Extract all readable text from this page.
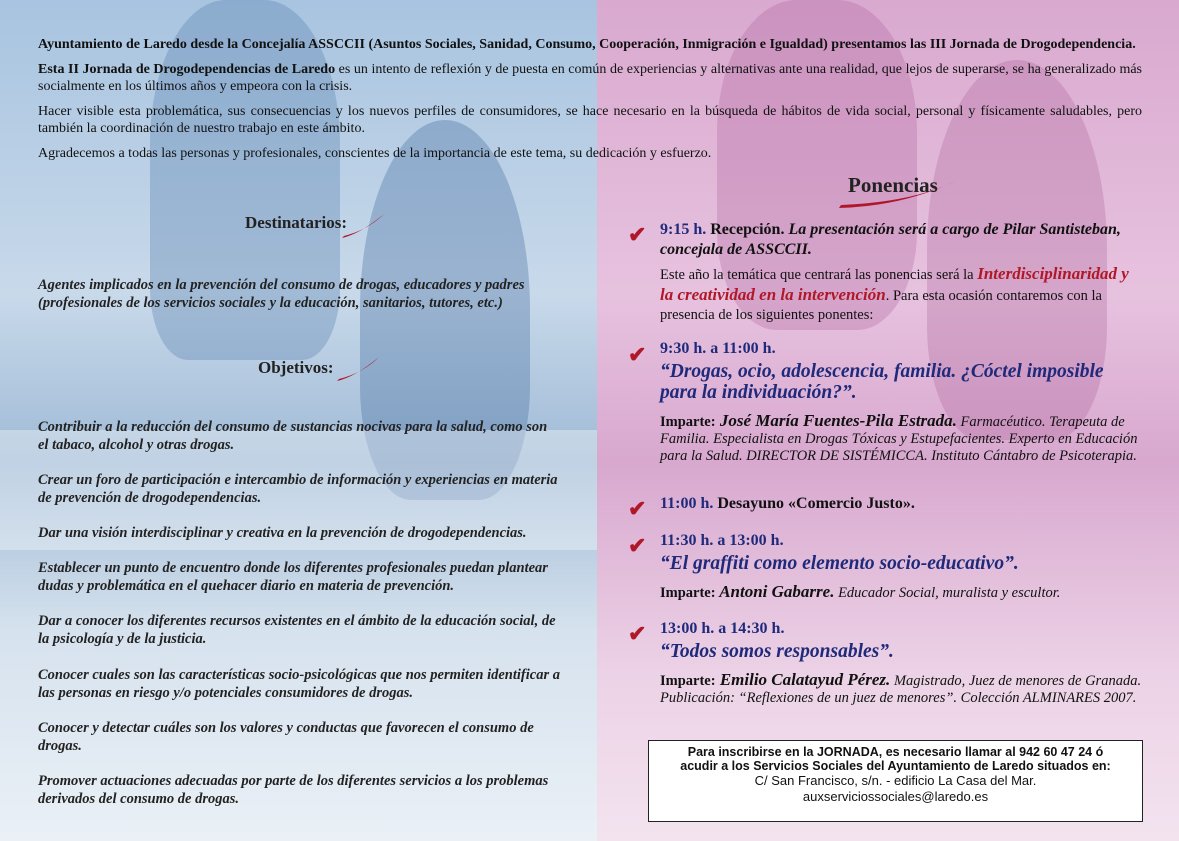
Ayuntamiento de Laredo desde la Concejalía ASSCCII (Asuntos Sociales, Sanidad, Consumo, Cooperación, Inmigración e Igualdad) presentamos las III Jornada de Drogodependencia.

Esta II Jornada de Drogodependencias de Laredo es un intento de reflexión y de puesta en común de experiencias y alternativas ante una realidad, que lejos de superarse, se ha generalizado más socialmente en los últimos años y empeora con la crisis.

Hacer visible esta problemática, sus consecuencias y los nuevos perfiles de consumidores, se hace necesario en la búsqueda de hábitos de vida social, personal y físicamente saludables, pero también la coordinación de nuestro trabajo en este ámbito.

Agradecemos a todas las personas y profesionales, conscientes de la importancia de este tema, su dedicación y esfuerzo.

Destinatarios:
Agentes implicados en la prevención del consumo de drogas, educadores y padres (profesionales de los servicios sociales y la educación, sanitarios, tutores, etc.)
Objetivos:
Contribuir a la reducción del consumo de sustancias nocivas para la salud, como son el tabaco, alcohol y otras drogas.
Crear un foro de participación e intercambio de información y experiencias en materia de prevención de drogodependencias.
Dar una visión interdisciplinar y creativa en la prevención de drogodependencias.
Establecer un punto de encuentro donde los diferentes profesionales puedan plantear dudas y problemática en el quehacer diario en materia de prevención.
Dar a conocer los diferentes recursos existentes en el ámbito de la educación social, de la psicología y de la justicia.
Conocer cuales son las características socio-psicológicas que nos permiten identificar a las personas en riesgo y/o potenciales consumidores de drogas.
Conocer y detectar cuáles son los valores y conductas que favorecen el consumo de drogas.
Promover actuaciones adecuadas por parte de los diferentes servicios a los problemas derivados del consumo de drogas.
Ponencias
✔ 9:15 h. Recepción. La presentación será a cargo de Pilar Santisteban, concejala de ASSCCII.
Este año la temática que centrará las ponencias será la Interdisciplinaridad y la creatividad en la intervención. Para esta ocasión contaremos con la presencia de los siguientes ponentes:
✔ 9:30 h. a 11:00 h.
“Drogas, ocio, adolescencia, familia. ¿Cóctel imposible para la individuación?”.
Imparte: José María Fuentes-Pila Estrada. Farmacéutico. Terapeuta de Familia. Especialista en Drogas Tóxicas y Estupefacientes. Experto en Educación para la Salud. DIRECTOR DE SISTÉMICCA. Instituto Cántabro de Psicoterapia.
✔ 11:00 h. Desayuno «Comercio Justo».
✔ 11:30 h. a 13:00 h.
“El graffiti como elemento socio-educativo”.
Imparte: Antoni Gabarre. Educador Social, muralista y escultor.
✔ 13:00 h. a 14:30 h.
“Todos somos responsables”.
Imparte: Emilio Calatayud Pérez. Magistrado, Juez de menores de Granada. Publicación: “Reflexiones de un juez de menores”. Colección ALMINARES 2007.
Para inscribirse en la JORNADA, es necesario llamar al 942 60 47 24 ó
acudir a los Servicios Sociales del Ayuntamiento de Laredo situados en:
C/ San Francisco, s/n. - edificio La Casa del Mar.
auxserviciossociales@laredo.es
